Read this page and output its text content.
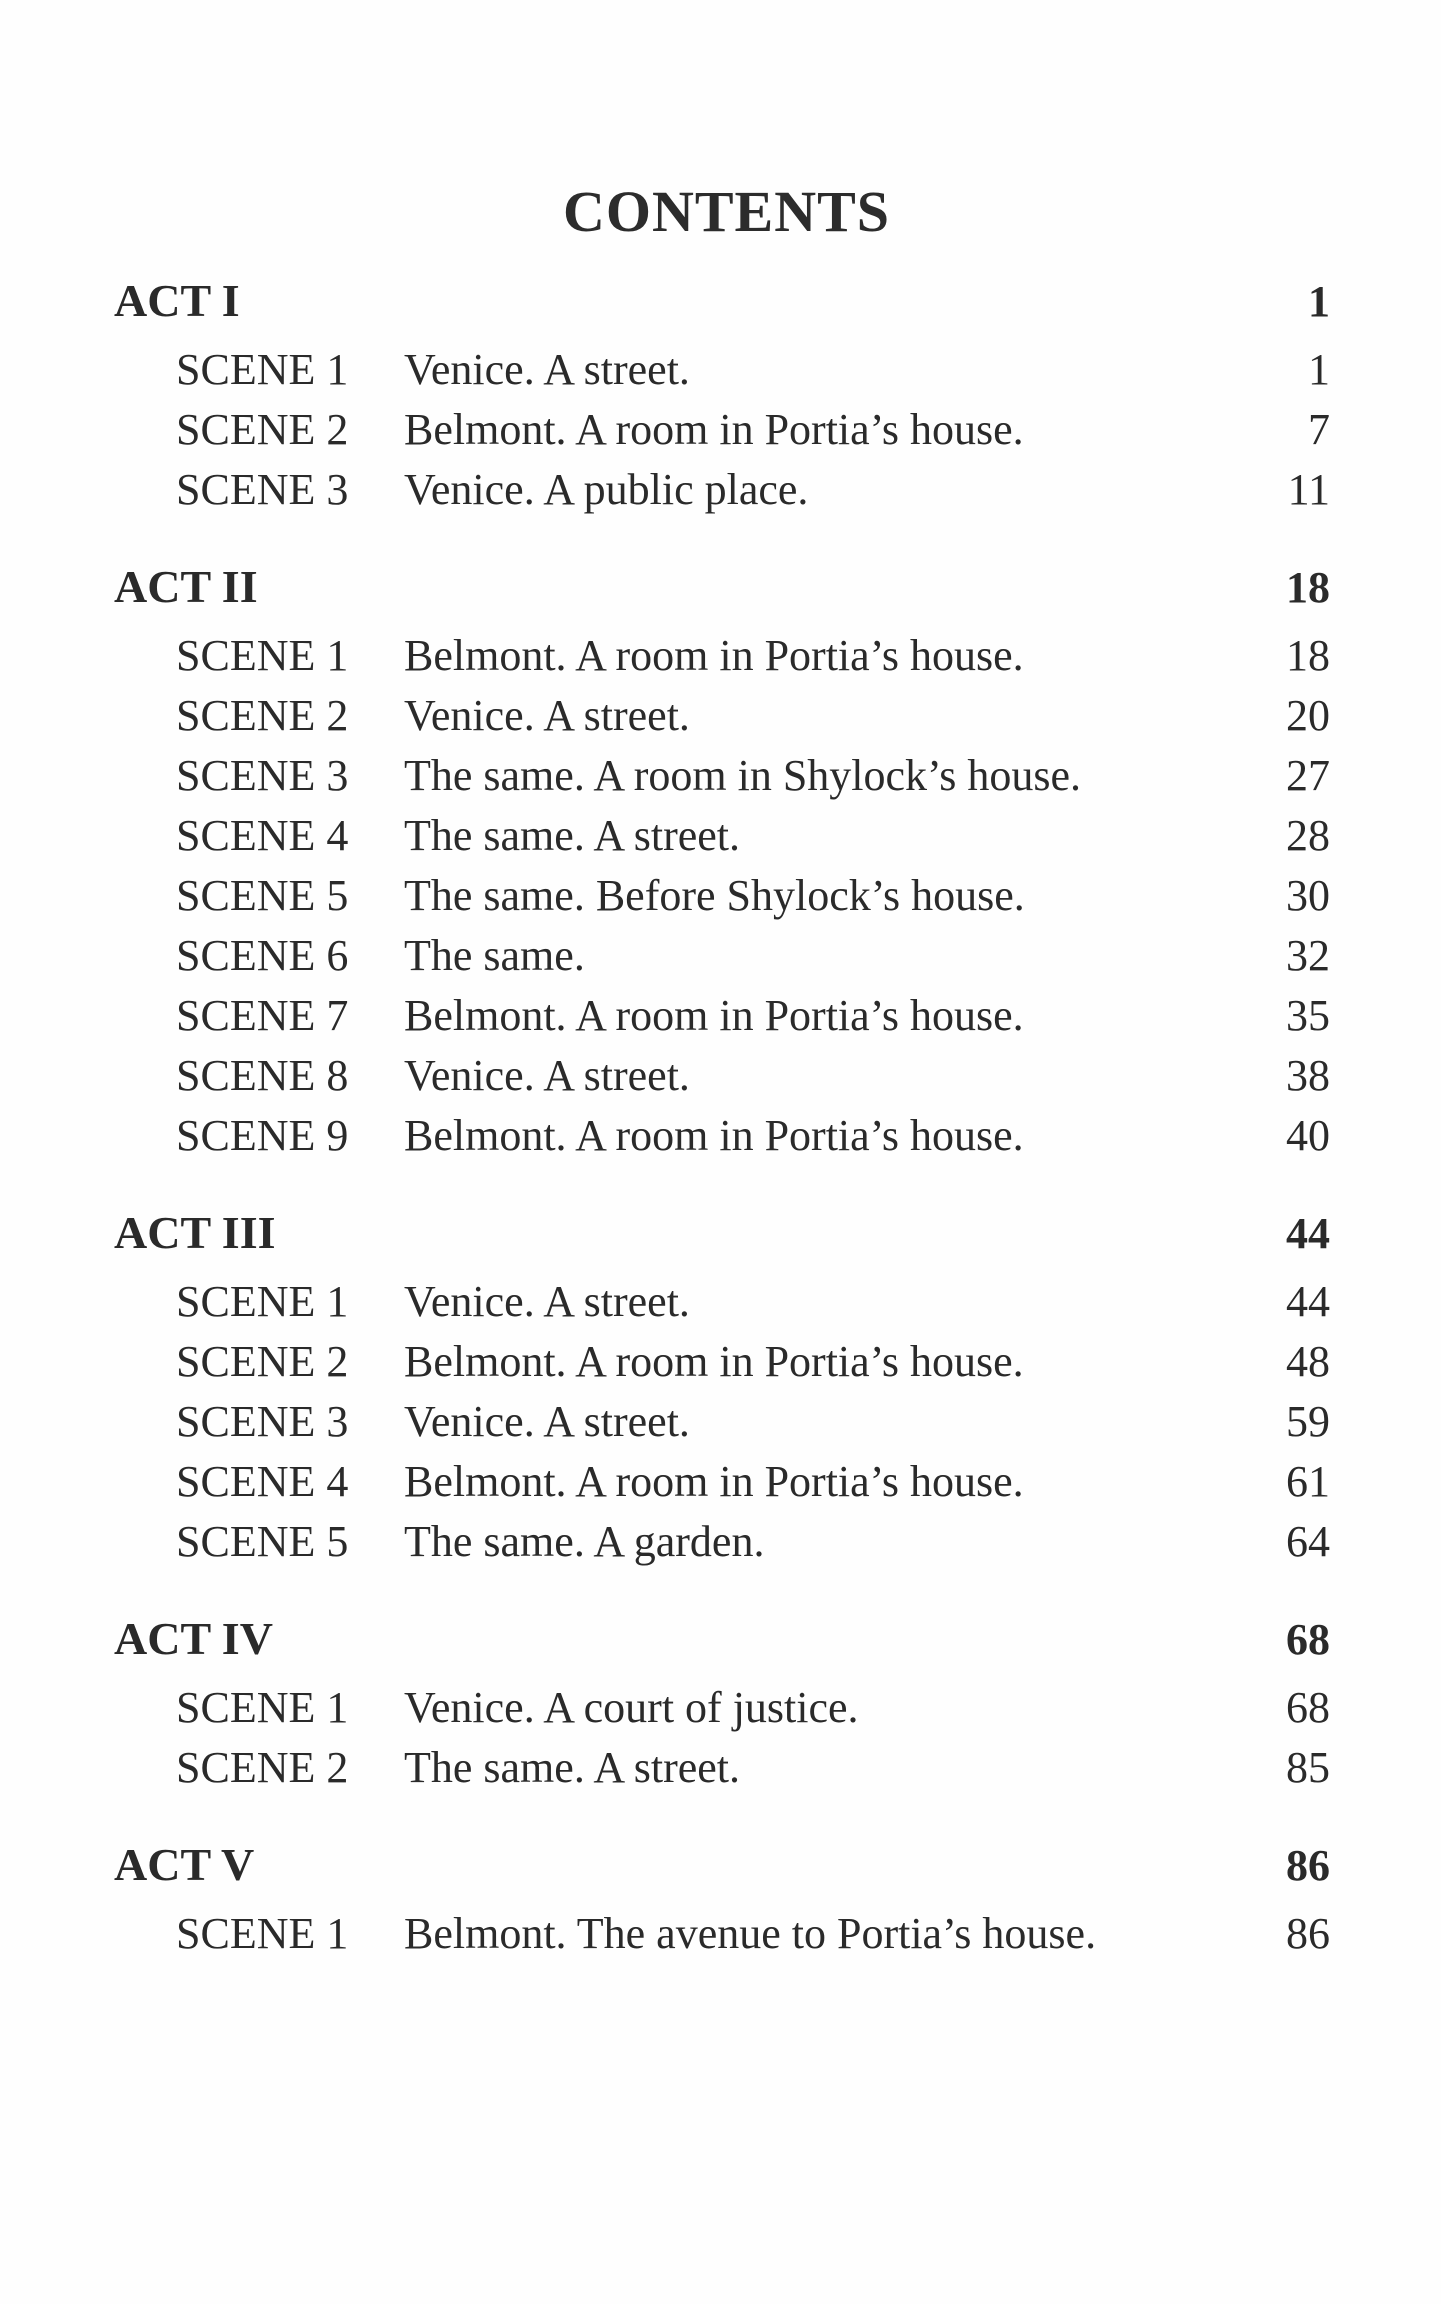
CONTENTS
ACT I	1
SCENE 1	Venice. A street.	1
SCENE 2	Belmont. A room in Portia’s house.	7
SCENE 3	Venice. A public place.	11
ACT II	18
SCENE 1	Belmont. A room in Portia’s house.	18
SCENE 2	Venice. A street.	20
SCENE 3	The same. A room in Shylock’s house.	27
SCENE 4	The same. A street.	28
SCENE 5	The same. Before Shylock’s house.	30
SCENE 6	The same.	32
SCENE 7	Belmont. A room in Portia’s house.	35
SCENE 8	Venice. A street.	38
SCENE 9	Belmont. A room in Portia’s house.	40
ACT III	44
SCENE 1	Venice. A street.	44
SCENE 2	Belmont. A room in Portia’s house.	48
SCENE 3	Venice. A street.	59
SCENE 4	Belmont. A room in Portia’s house.	61
SCENE 5	The same. A garden.	64
ACT IV	68
SCENE 1	Venice. A court of justice.	68
SCENE 2	The same. A street.	85
ACT V	86
SCENE 1	Belmont. The avenue to Portia’s house.	86
